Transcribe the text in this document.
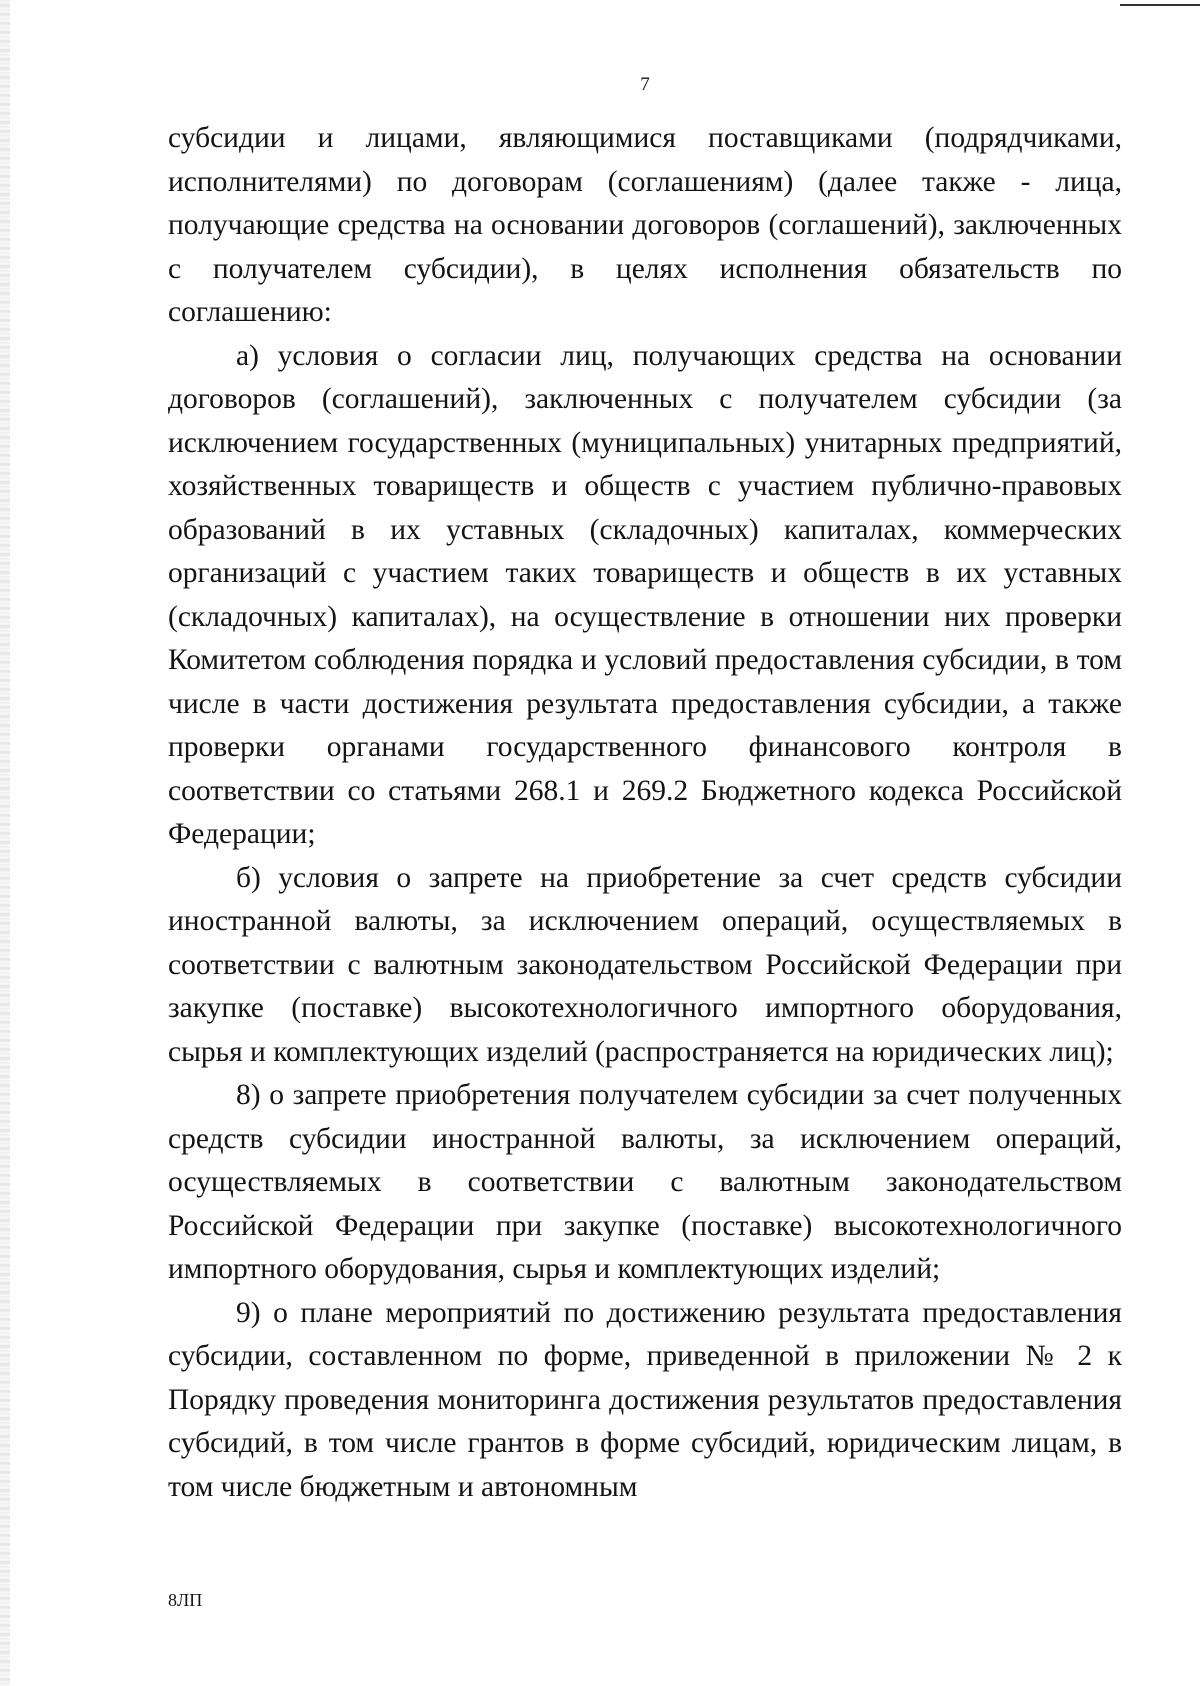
7

субсидии и лицами, являющимися поставщиками (подрядчиками, исполнителями) по договорам (соглашениям) (далее также - лица, получающие средства на основании договоров (соглашений), заключенных с получателем субсидии), в целях исполнения обязательств по соглашению:

а) условия о согласии лиц, получающих средства на основании договоров (соглашений), заключенных с получателем субсидии (за исключением государственных (муниципальных) унитарных предприятий, хозяйственных товариществ и обществ с участием публично-правовых образований в их уставных (складочных) капиталах, коммерческих организаций с участием таких товариществ и обществ в их уставных (складочных) капиталах), на осуществление в отношении них проверки Комитетом соблюдения порядка и условий предоставления субсидии, в том числе в части достижения результата предоставления субсидии, а также проверки органами государственного финансового контроля в соответствии со статьями 268.1 и 269.2 Бюджетного кодекса Российской Федерации;

б) условия о запрете на приобретение за счет средств субсидии иностранной валюты, за исключением операций, осуществляемых в соответствии с валютным законодательством Российской Федерации при закупке (поставке) высокотехнологичного импортного оборудования, сырья и комплектующих изделий (распространяется на юридических лиц);

8) о запрете приобретения получателем субсидии за счет полученных средств субсидии иностранной валюты, за исключением операций, осуществляемых в соответствии с валютным законодательством Российской Федерации при закупке (поставке) высокотехнологичного импортного оборудования, сырья и комплектующих изделий;

9) о плане мероприятий по достижению результата предоставления субсидии, составленном по форме, приведенной в приложении № 2 к Порядку проведения мониторинга достижения результатов предоставления субсидий, в том числе грантов в форме субсидий, юридическим лицам, в том числе бюджетным и автономным

8ЛП
